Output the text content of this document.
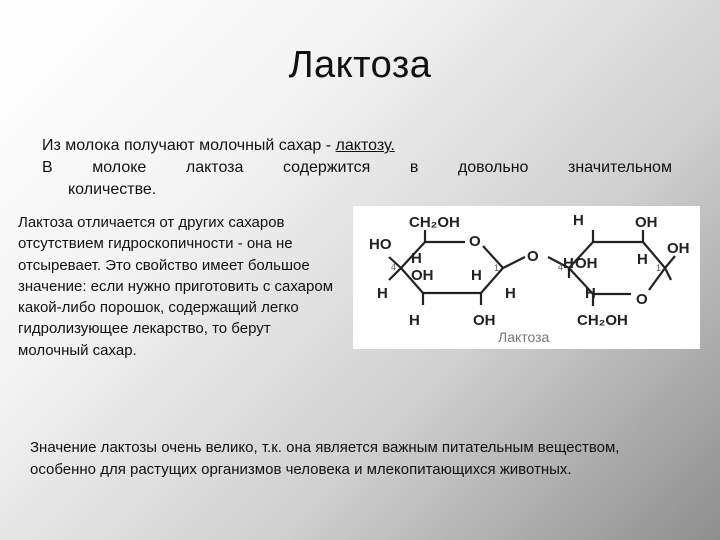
Лактоза
Из молока получают молочный сахар - лактозу.
В молоке лактоза содержится в довольно значительном
количестве.
Лактоза отличается от других сахаров отсутствием гидроскопичности - она не отсыревает. Это свойство имеет большое значение: если нужно приготовить с сахаром какой-либо порошок, содержащий легко гидролизующее лекарство, то берут молочный сахар.
CH₂OH
O
HO
H
H
OH	H
H	OH
4	1
O
H
H	OH
OH
O
H OH	H
H
CH₂OH
4	1
Лактоза
Значение лактозы очень велико, т.к. она является важным питательным веществом, особенно для растущих организмов человека и млекопитающихся животных.
